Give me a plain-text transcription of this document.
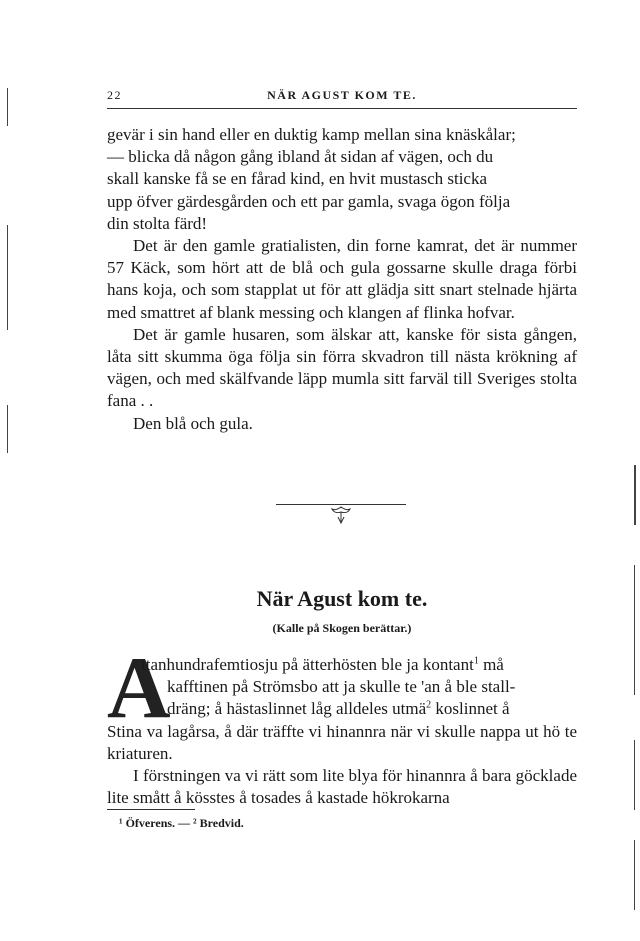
22	NÄR AGUST KOM TE.

gevär i sin hand eller en duktig kamp mellan sina knäskålar;

— blicka då någon gång ibland åt sidan af vägen, och du

skall kanske få se en fårad kind, en hvit mustasch sticka

upp öfver gärdesgården och ett par gamla, svaga ögon följa

din stolta färd!

Det är den gamle gratialisten, din forne kamrat, det är nummer 57 Käck, som hört att de blå och gula gossarne skulle draga förbi hans koja, och som stapplat ut för att glädja sitt snart stelnade hjärta med smattret af blank messing och klangen af flinka hofvar.

Det är gamle husaren, som älskar att, kanske för sista gången, låta sitt skumma öga följa sin förra skvadron till nästa krökning af vägen, och med skälfvande läpp mumla sitt farväl till Sveriges stolta fana . .

Den blå och gula.

När Agust kom te.
(Kalle på Skogen berättar.)
A

ttanhundrafemtiosju på ätterhösten ble ja kontant$^1$ må

kafftinen på Strömsbo att ja skulle te 'an å ble stall-

dräng; å hästaslinnet låg alldeles utmä$^2$ koslinnet å

Stina va lagårsa, å där träffte vi hinannra när vi skulle nappa ut hö te kriaturen.

I förstningen va vi rätt som lite blya för hinannra å bara göcklade lite smått å kösstes å tosades å kastade hökrokarna

¹ Öfverens. — ² Bredvid.
